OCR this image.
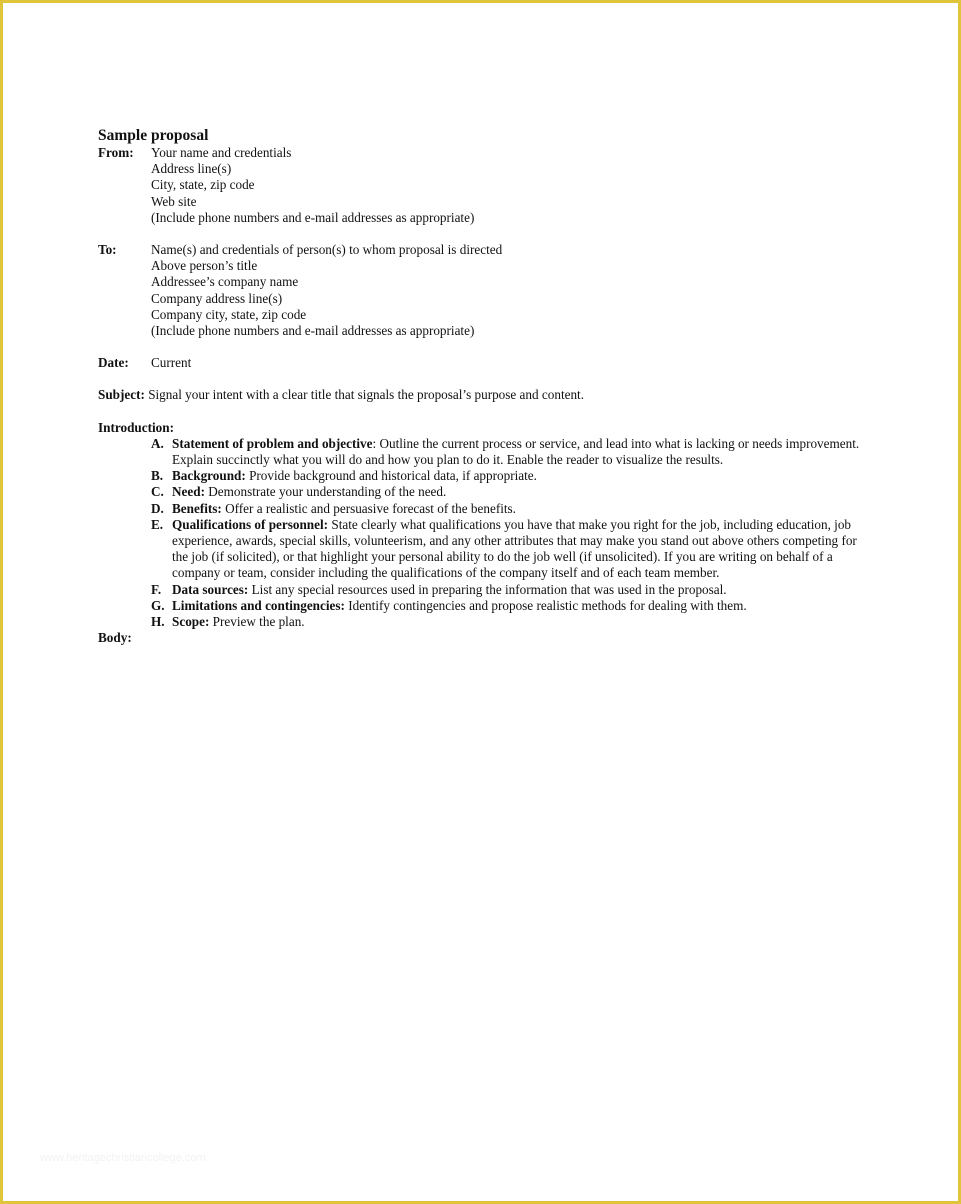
Sample proposal
From:	Your name and credentials
Address line(s)
City, state, zip code
Web site
(Include phone numbers and e-mail addresses as appropriate)
To:	Name(s) and credentials of person(s) to whom proposal is directed
Above person’s title
Addressee’s company name
Company address line(s)
Company city, state, zip code
(Include phone numbers and e-mail addresses as appropriate)
Date:	Current
Subject: Signal your intent with a clear title that signals the proposal’s purpose and content.
Introduction:
A. Statement of problem and objective: Outline the current process or service, and lead into what is lacking or needs improvement. Explain succinctly what you will do and how you plan to do it. Enable the reader to visualize the results.
B. Background: Provide background and historical data, if appropriate.
C. Need: Demonstrate your understanding of the need.
D. Benefits: Offer a realistic and persuasive forecast of the benefits.
E. Qualifications of personnel: State clearly what qualifications you have that make you right for the job, including education, job experience, awards, special skills, volunteerism, and any other attributes that may make you stand out above others competing for the job (if solicited), or that highlight your personal ability to do the job well (if unsolicited). If you are writing on behalf of a company or team, consider including the qualifications of the company itself and of each team member.
F. Data sources: List any special resources used in preparing the information that was used in the proposal.
G. Limitations and contingencies: Identify contingencies and propose realistic methods for dealing with them.
H. Scope: Preview the plan.
Body:
www.heritagechristiancollege.com
